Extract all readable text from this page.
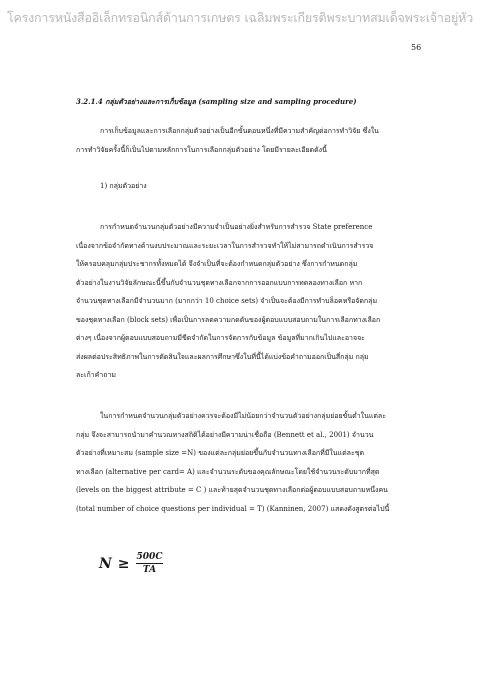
โครงการหนังสืออิเล็กทรอนิกส์ด้านการเกษตร เฉลิมพระเกียรติพระบาทสมเด็จพระเจ้าอยู่หัว
56
3.2.1.4 กลุ่มตัวอย่างและการเก็บข้อมูล (sampling size and sampling procedure)
การเก็บข้อมูลและการเลือกกลุ่มตัวอย่างเป็นอีกขั้นตอนหนึ่งที่มีความสำคัญต่อการทำวิจัย ซึ่งใน
การทำวิจัยครั้งนี้ก็เป็นไปตามหลักการในการเลือกกลุ่มตัวอย่าง โดยมีรายละเอียดดังนี้
1) กลุ่มตัวอย่าง
การกำหนดจำนวนกลุ่มตัวอย่างมีความจำเป็นอย่างยิ่งสำหรับการสำรวจ State preference
เนื่องจากข้อจำกัดทางด้านงบประมาณและระยะเวลาในการสำรวจทำให้ไม่สามารถดำเนินการสำรวจ
ให้ครอบคลุมกลุ่มประชากรทั้งหมดได้ จึงจำเป็นที่จะต้องกำหนดกลุ่มตัวอย่าง ซึ่งการกำหนดกลุ่ม
ตัวอย่างในงานวิจัยลักษณะนี้ขึ้นกับจำนวนชุดทางเลือกจากการออกแบบการทดลองทางเลือก หาก
จำนวนชุดทางเลือกมีจำนวนมาก (มากกว่า 10 choice sets) จำเป็นจะต้องมีการทำบล็อคหรือจัดกลุ่ม
ของชุดทางเลือก (block sets) เพื่อเป็นการลดความกดดันของผู้ตอบแบบสอบถามในการเลือกทางเลือก
ต่างๆ เนื่องจากผู้ตอบแบบสอบถามมีขีดจำกัดในการจัดการกับข้อมูล ข้อมูลที่มากเกินไปและอาจจะ
ส่งผลต่อประสิทธิภาพในการตัดสินใจและผลการศึกษาซึ่งในที่นี้ได้แบ่งข้อคำถามออกเป็นสี่กลุ่ม กลุ่ม
ละเก้าคำถาม
ในการกำหนดจำนวนกลุ่มตัวอย่างควรจะต้องมีไม่น้อยกว่าจำนวนตัวอย่างกลุ่มย่อยขั้นต่ำในแต่ละ
กลุ่ม จึงจะสามารถนำมาคำนวณทางสถิติได้อย่างมีความน่าเชื่อถือ (Bennett et al., 2001) จำนวน
ตัวอย่างที่เหมาะสม (sample size =N) ของแต่ละกลุ่มย่อยขึ้นกับจำนวนทางเลือกที่มีในแต่ละชุด
ทางเลือก (alternative per card= A) และจำนวนระดับของคุณลักษณะโดยใช้จำนวนระดับมากที่สุด
(levels on the biggest attribute = C ) และท้ายสุดจำนวนชุดทางเลือกต่อผู้ตอบแบบสอบถามหนึ่งคน
(total number of choice questions per individual = T) (Kanninen, 2007) แสดงดังสูตรต่อไปนี้
$N \ge \frac{500C}{TA}$
